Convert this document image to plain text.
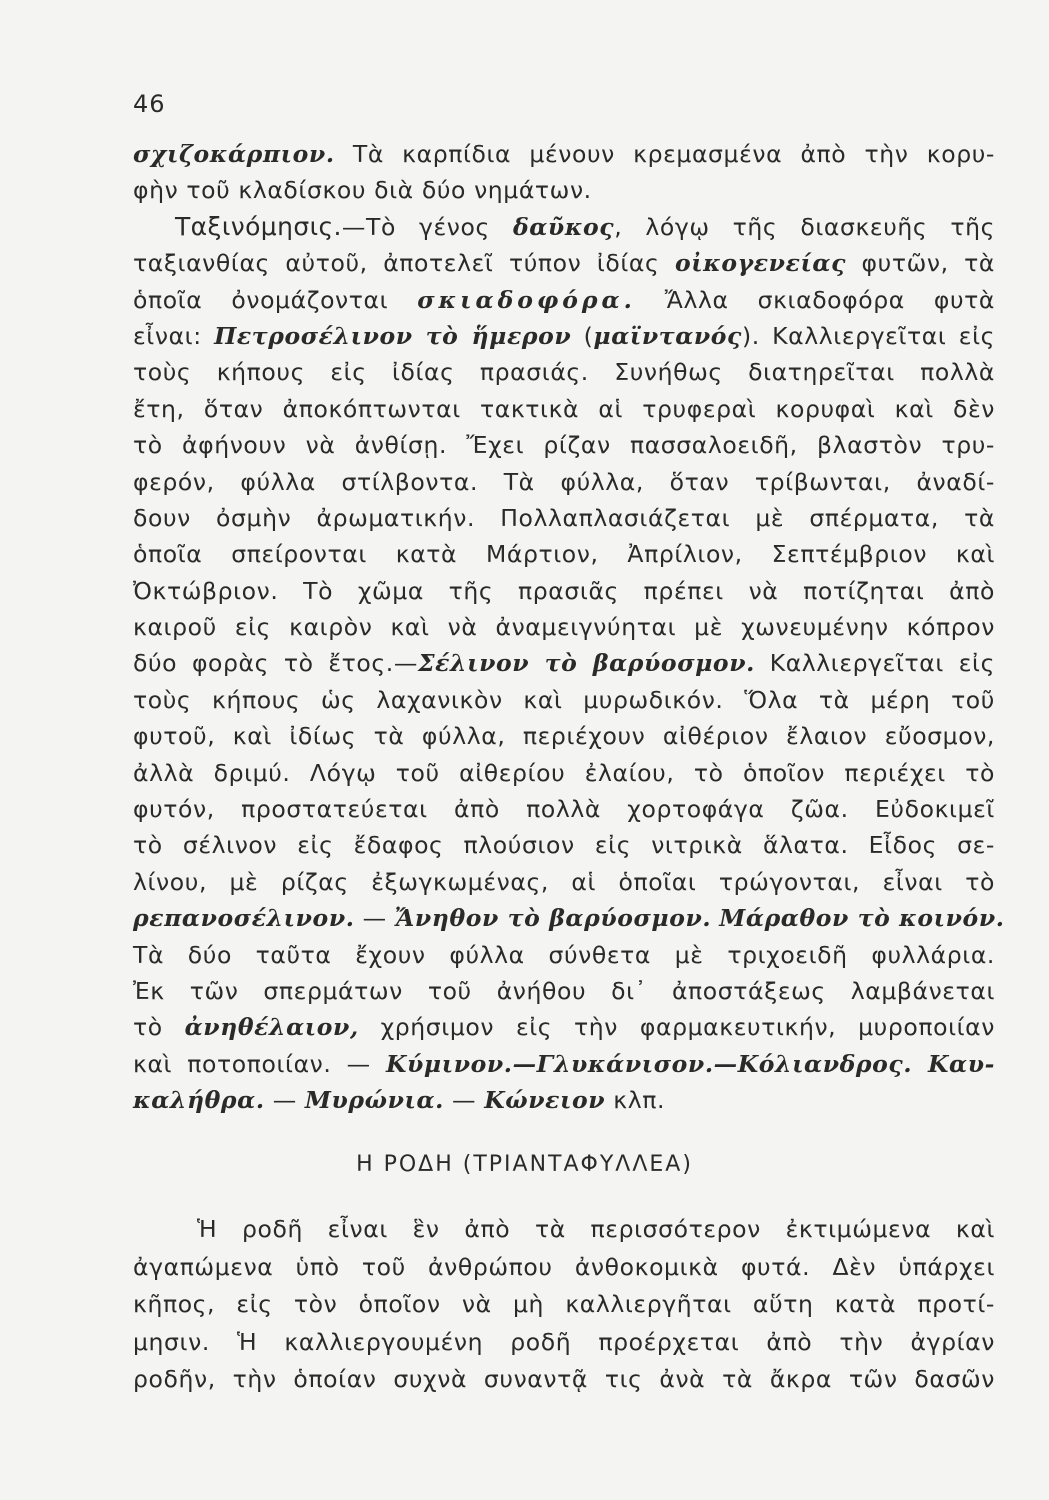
46
σχιζοκάρπιον. Τὰ καρπίδια μένουν κρεμασμένα ἀπὸ τὴν κορυ-
φὴν τοῦ κλαδίσκου διὰ δύο νημάτων.
Ταξινόμησις.—Τὸ γένος δαῦκος, λόγῳ τῆς διασκευῆς τῆς
ταξιανθίας αὐτοῦ, ἀποτελεῖ τύπον ἰδίας οἰκογενείας φυτῶν, τὰ
ὁποῖα ὀνομάζονται σκιαδοφόρα. Ἄλλα σκιαδοφόρα φυτὰ
εἶναι: Πετροσέλινον τὸ ἥμερον (μαϊντανός). Καλλιεργεῖται εἰς
τοὺς κήπους εἰς ἰδίας πρασιάς. Συνήθως διατηρεῖται πολλὰ
ἔτη, ὅταν ἀποκόπτωνται τακτικὰ αἱ τρυφεραὶ κορυφαὶ καὶ δὲν
τὸ ἀφήνουν νὰ ἀνθίσῃ. Ἔχει ρίζαν πασσαλοειδῆ, βλαστὸν τρυ-
φερόν, φύλλα στίλβοντα. Τὰ φύλλα, ὅταν τρίβωνται, ἀναδί-
δουν ὀσμὴν ἀρωματικήν. Πολλαπλασιάζεται μὲ σπέρματα, τὰ
ὁποῖα σπείρονται κατὰ Μάρτιον, Ἀπρίλιον, Σεπτέμβριον καὶ
Ὀκτώβριον. Τὸ χῶμα τῆς πρασιᾶς πρέπει νὰ ποτίζηται ἀπὸ
καιροῦ εἰς καιρὸν καὶ νὰ ἀναμειγνύηται μὲ χωνευμένην κόπρον
δύο φορὰς τὸ ἔτος.—Σέλινον τὸ βαρύοσμον. Καλλιεργεῖται εἰς
τοὺς κήπους ὡς λαχανικὸν καὶ μυρωδικόν. Ὅλα τὰ μέρη τοῦ
φυτοῦ, καὶ ἰδίως τὰ φύλλα, περιέχουν αἰθέριον ἔλαιον εὔοσμον,
ἀλλὰ δριμύ. Λόγῳ τοῦ αἰθερίου ἐλαίου, τὸ ὁποῖον περιέχει τὸ
φυτόν, προστατεύεται ἀπὸ πολλὰ χορτοφάγα ζῶα. Εὐδοκιμεῖ
τὸ σέλινον εἰς ἔδαφος πλούσιον εἰς νιτρικὰ ἅλατα. Εἶδος σε-
λίνου, μὲ ρίζας ἐξωγκωμένας, αἱ ὁποῖαι τρώγονται, εἶναι τὸ
ρεπανοσέλινον. — Ἄνηθον τὸ βαρύοσμον. Μάραθον τὸ κοινόν.
Τὰ δύο ταῦτα ἔχουν φύλλα σύνθετα μὲ τριχοειδῆ φυλλάρια.
Ἐκ τῶν σπερμάτων τοῦ ἀνήθου δι᾽ ἀποστάξεως λαμβάνεται
τὸ ἀνηθέλαιον, χρήσιμον εἰς τὴν φαρμακευτικήν, μυροποιίαν
καὶ ποτοποιίαν. — Κύμινον.—Γλυκάνισον.—Κόλιανδρος. Καυ-
καλήθρα. — Μυρώνια. — Κώνειον κλπ.
Η ΡΟΔΗ (ΤΡΙΑΝΤΑΦΥΛΛΕΑ)
Ἡ ροδῆ εἶναι ἓν ἀπὸ τὰ περισσότερον ἐκτιμώμενα καὶ
ἀγαπώμενα ὑπὸ τοῦ ἀνθρώπου ἀνθοκομικὰ φυτά. Δὲν ὑπάρχει
κῆπος, εἰς τὸν ὁποῖον νὰ μὴ καλλιεργῆται αὕτη κατὰ προτί-
μησιν. Ἡ καλλιεργουμένη ροδῆ προέρχεται ἀπὸ τὴν ἀγρίαν
ροδῆν, τὴν ὁποίαν συχνὰ συναντᾷ τις ἀνὰ τὰ ἄκρα τῶν δασῶν
